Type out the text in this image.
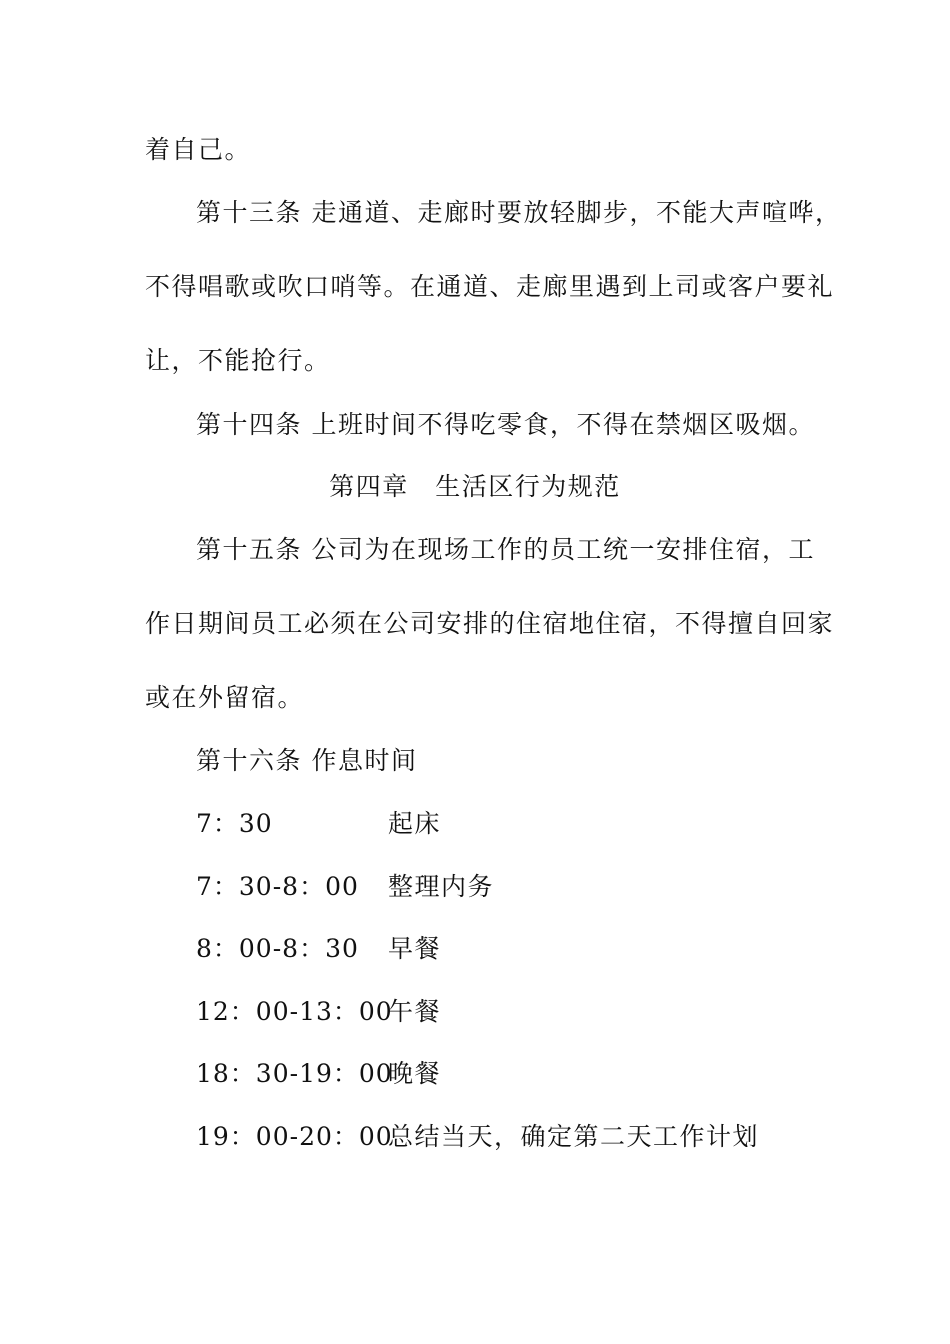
着自己。
第十三条 走通道、走廊时要放轻脚步，不能大声喧哗，
不得唱歌或吹口哨等。在通道、走廊里遇到上司或客户要礼
让，不能抢行。
第十四条 上班时间不得吃零食，不得在禁烟区吸烟。
第四章　生活区行为规范
第十五条 公司为在现场工作的员工统一安排住宿，工
作日期间员工必须在公司安排的住宿地住宿，不得擅自回家
或在外留宿。
第十六条 作息时间
7：30	起床
7：30-8：00 整理内务
8：00-8：30 早餐
12：00-13：00
午餐
18：30-19：00
晚餐
19：00-20：00
总结当天，确定第二天工作计划
